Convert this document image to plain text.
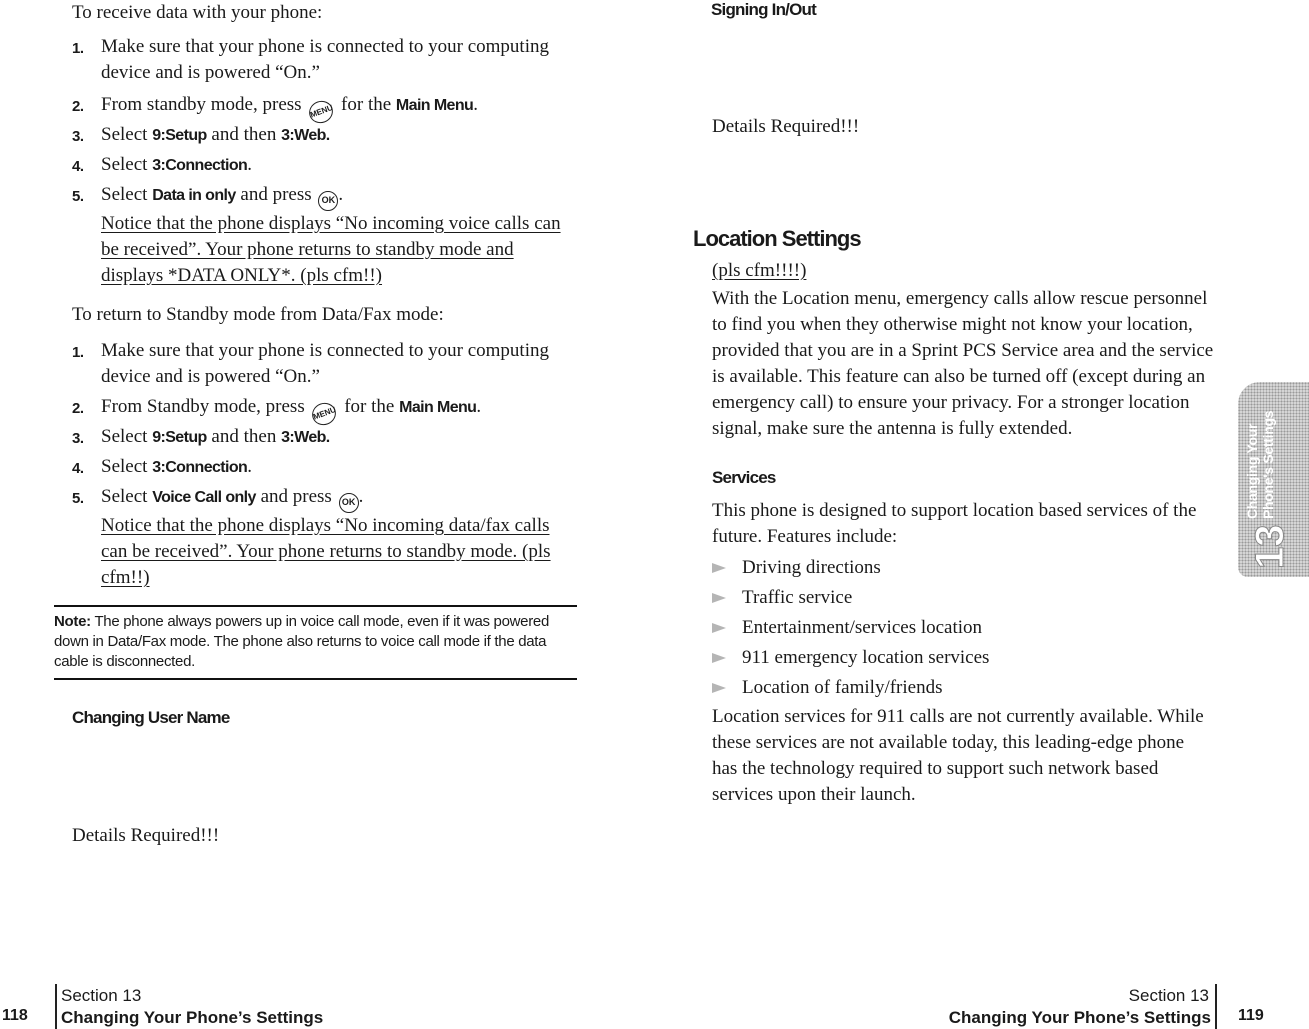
To receive data with your phone:
1. Make sure that your phone is connected to your computing device and is powered “On.”
2. From standby mode, press MENU for the Main Menu.
3. Select 9:Setup and then 3:Web.
4. Select 3:Connection.
5. Select Data in only and press OK .
Notice that the phone displays “No incoming voice calls can be received”. Your phone returns to standby mode and displays *DATA ONLY*. (pls cfm!!)
To return to Standby mode from Data/Fax mode:
1. Make sure that your phone is connected to your computing device and is powered “On.”
2. From Standby mode, press MENU for the Main Menu.
3. Select 9:Setup and then 3:Web.
4. Select 3:Connection.
5. Select Voice Call only and press OK .
Notice that the phone displays “No incoming data/fax calls can be received”. Your phone returns to standby mode. (pls cfm!!)
Note: The phone always powers up in voice call mode, even if it was powered down in Data/Fax mode. The phone also returns to voice call mode if the data cable is disconnected.
Changing User Name
Details Required!!!
Signing In/Out
Details Required!!!
Location Settings
(pls cfm!!!!)
With the Location menu, emergency calls allow rescue personnel to find you when they otherwise might not know your location, provided that you are in a Sprint PCS Service area and the service is available. This feature can also be turned off (except during an emergency call) to ensure your privacy. For a stronger location signal, make sure the antenna is fully extended.
Services
This phone is designed to support location based services of the future. Features include:
Driving directions
Traffic service
Entertainment/services location
911 emergency location services
Location of family/friends
Location services for 911 calls are not currently available. While these services are not available today, this leading-edge phone has the technology required to support such network based services upon their launch.
13
Changing Your Phone's Settings
118
Section 13
Changing Your Phone’s Settings
Section 13
Changing Your Phone’s Settings 119
